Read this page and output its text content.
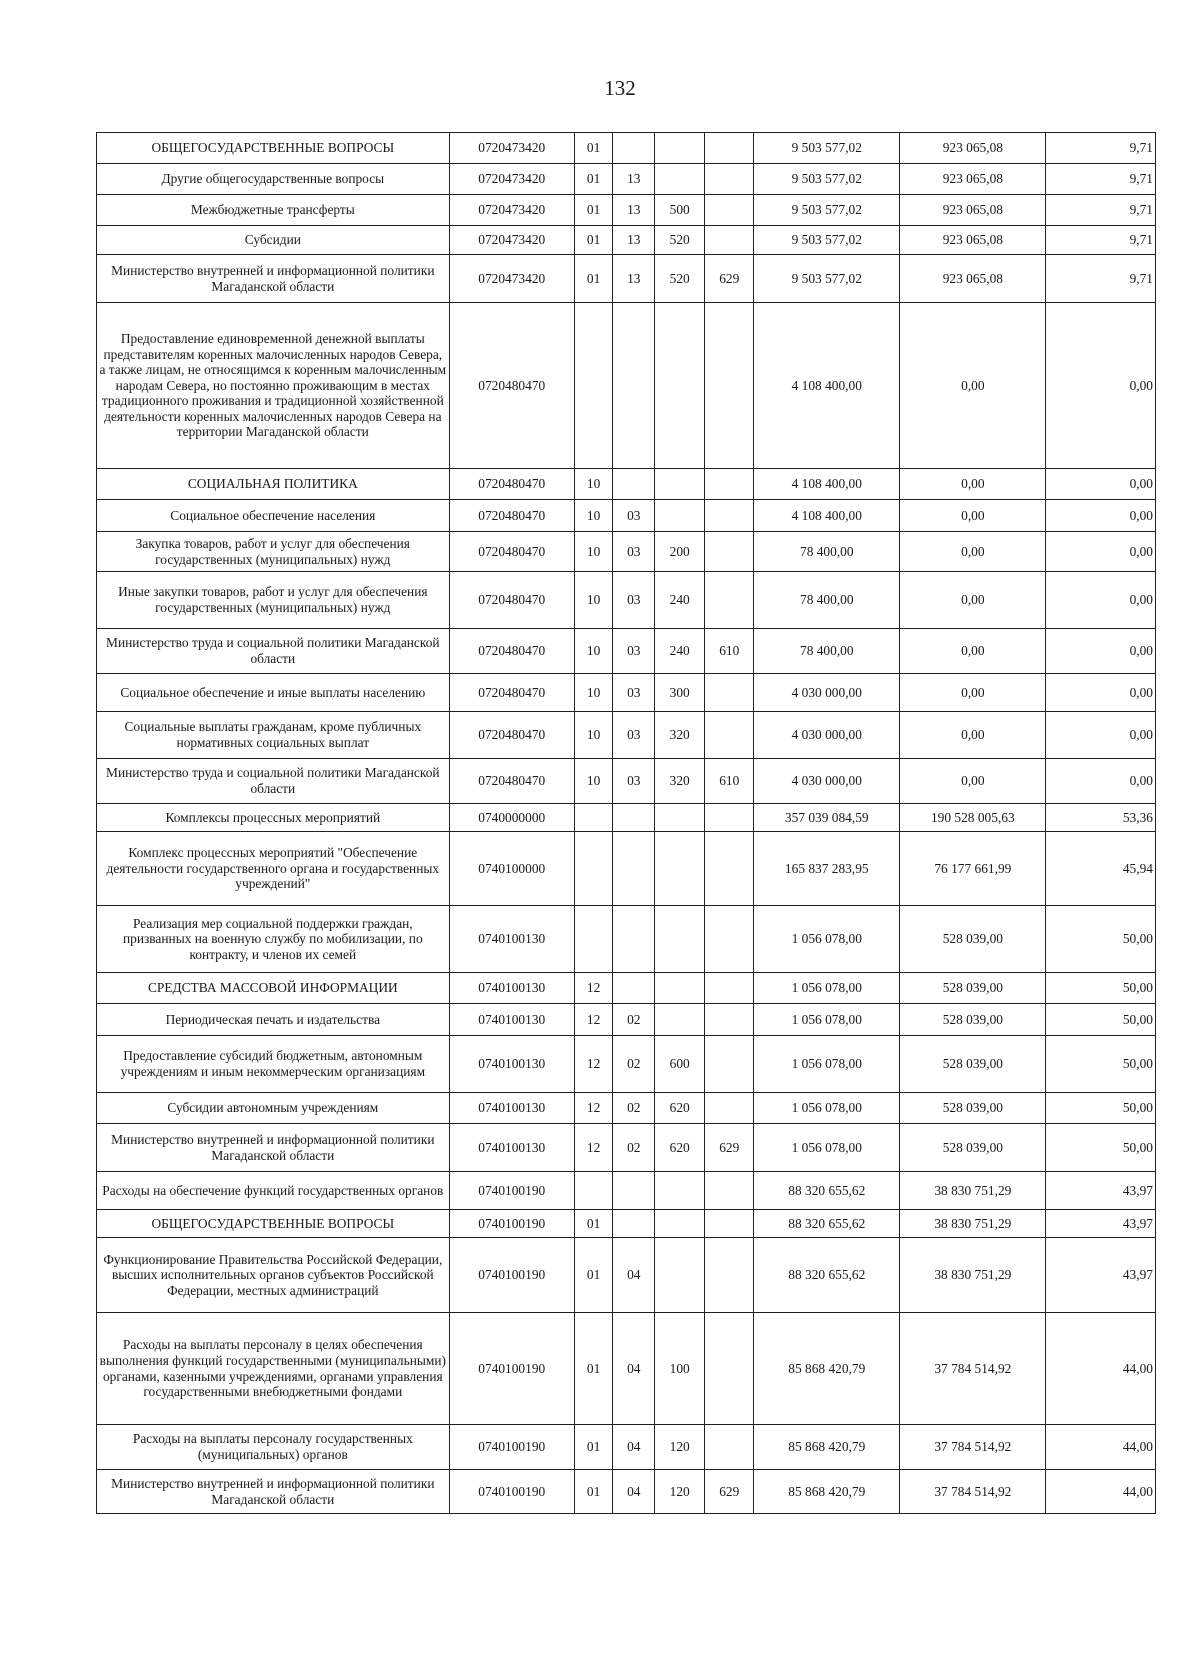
132
ОБЩЕГОСУДАРСТВЕННЫЕ ВОПРОСЫ	0720473420	01				9 503 577,02	923 065,08	9,71
Другие общегосударственные вопросы	0720473420	01	13			9 503 577,02	923 065,08	9,71
Межбюджетные трансферты	0720473420	01	13	500		9 503 577,02	923 065,08	9,71
Субсидии	0720473420	01	13	520		9 503 577,02	923 065,08	9,71
Министерство внутренней и информационной политики Магаданской области	0720473420	01	13	520	629	9 503 577,02	923 065,08	9,71
Предоставление единовременной денежной выплаты представителям коренных малочисленных народов Севера, а также лицам, не относящимся к коренным малочисленным народам Севера, но постоянно проживающим в местах традиционного проживания и традиционной хозяйственной деятельности коренных малочисленных народов Севера на территории Магаданской области	0720480470					4 108 400,00	0,00	0,00
СОЦИАЛЬНАЯ ПОЛИТИКА	0720480470	10				4 108 400,00	0,00	0,00
Социальное обеспечение населения	0720480470	10	03			4 108 400,00	0,00	0,00
Закупка товаров, работ и услуг для обеспечения государственных (муниципальных) нужд	0720480470	10	03	200		78 400,00	0,00	0,00
Иные закупки товаров, работ и услуг для обеспечения государственных (муниципальных) нужд	0720480470	10	03	240		78 400,00	0,00	0,00
Министерство труда и социальной политики Магаданской области	0720480470	10	03	240	610	78 400,00	0,00	0,00
Социальное обеспечение и иные выплаты населению	0720480470	10	03	300		4 030 000,00	0,00	0,00
Социальные выплаты гражданам, кроме публичных нормативных социальных выплат	0720480470	10	03	320		4 030 000,00	0,00	0,00
Министерство труда и социальной политики Магаданской области	0720480470	10	03	320	610	4 030 000,00	0,00	0,00
Комплексы процессных мероприятий	0740000000					357 039 084,59	190 528 005,63	53,36
Комплекс процессных мероприятий "Обеспечение деятельности государственного органа и государственных учреждений"	0740100000					165 837 283,95	76 177 661,99	45,94
Реализация мер социальной поддержки граждан, призванных на военную службу по мобилизации, по контракту, и членов их семей	0740100130					1 056 078,00	528 039,00	50,00
СРЕДСТВА МАССОВОЙ ИНФОРМАЦИИ	0740100130	12				1 056 078,00	528 039,00	50,00
Периодическая печать и издательства	0740100130	12	02			1 056 078,00	528 039,00	50,00
Предоставление субсидий бюджетным, автономным учреждениям и иным некоммерческим организациям	0740100130	12	02	600		1 056 078,00	528 039,00	50,00
Субсидии автономным учреждениям	0740100130	12	02	620		1 056 078,00	528 039,00	50,00
Министерство внутренней и информационной политики Магаданской области	0740100130	12	02	620	629	1 056 078,00	528 039,00	50,00
Расходы на обеспечение функций государственных органов	0740100190					88 320 655,62	38 830 751,29	43,97
ОБЩЕГОСУДАРСТВЕННЫЕ ВОПРОСЫ	0740100190	01				88 320 655,62	38 830 751,29	43,97
Функционирование Правительства Российской Федерации, высших исполнительных органов субъектов Российской Федерации, местных администраций	0740100190	01	04			88 320 655,62	38 830 751,29	43,97
Расходы на выплаты персоналу в целях обеспечения выполнения функций государственными (муниципальными) органами, казенными учреждениями, органами управления государственными внебюджетными фондами	0740100190	01	04	100		85 868 420,79	37 784 514,92	44,00
Расходы на выплаты персоналу государственных (муниципальных) органов	0740100190	01	04	120		85 868 420,79	37 784 514,92	44,00
Министерство внутренней и информационной политики Магаданской области	0740100190	01	04	120	629	85 868 420,79	37 784 514,92	44,00
